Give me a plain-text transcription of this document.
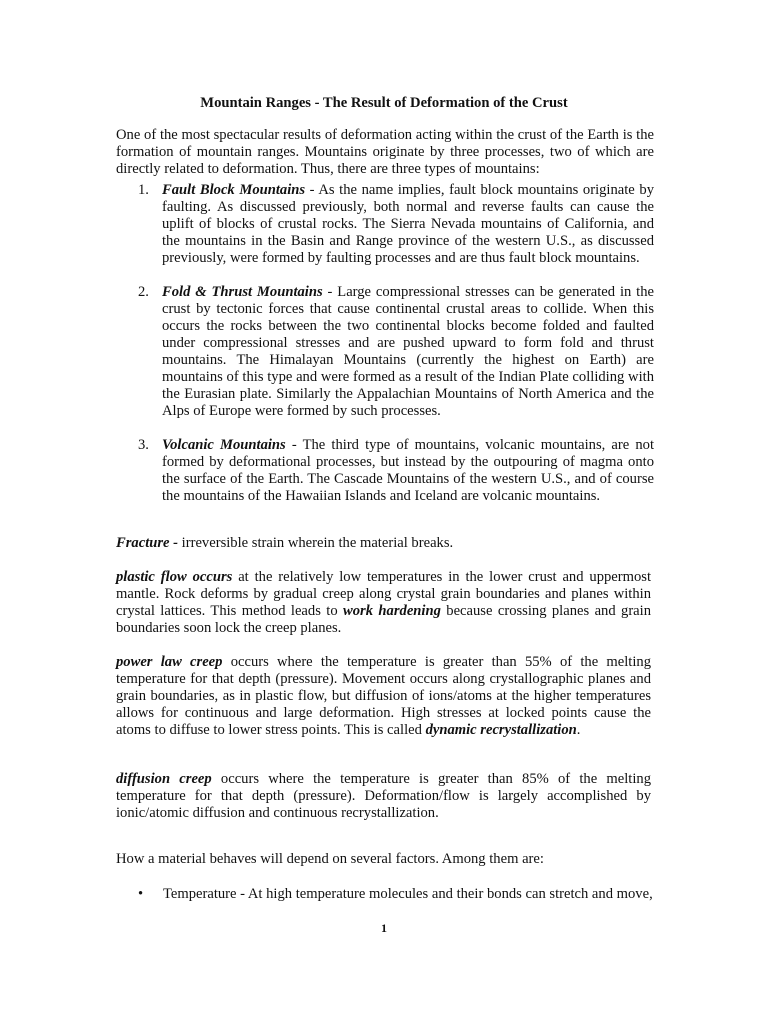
Mountain Ranges - The Result of Deformation of the Crust

One of the most spectacular results of deformation acting within the crust of the Earth is the formation of mountain ranges. Mountains originate by three processes, two of which are directly related to deformation. Thus, there are three types of mountains:

1. Fault Block Mountains - As the name implies, fault block mountains originate by faulting. As discussed previously, both normal and reverse faults can cause the uplift of blocks of crustal rocks. The Sierra Nevada mountains of California, and the mountains in the Basin and Range province of the western U.S., as discussed previously, were formed by faulting processes and are thus fault block mountains.
2. Fold & Thrust Mountains - Large compressional stresses can be generated in the crust by tectonic forces that cause continental crustal areas to collide. When this occurs the rocks between the two continental blocks become folded and faulted under compressional stresses and are pushed upward to form fold and thrust mountains. The Himalayan Mountains (currently the highest on Earth) are mountains of this type and were formed as a result of the Indian Plate colliding with the Eurasian plate. Similarly the Appalachian Mountains of North America and the Alps of Europe were formed by such processes.
3. Volcanic Mountains - The third type of mountains, volcanic mountains, are not formed by deformational processes, but instead by the outpouring of magma onto the surface of the Earth. The Cascade Mountains of the western U.S., and of course the mountains of the Hawaiian Islands and Iceland are volcanic mountains.

Fracture - irreversible strain wherein the material breaks.

plastic flow occurs at the relatively low temperatures in the lower crust and uppermost mantle. Rock deforms by gradual creep along crystal grain boundaries and planes within crystal lattices. This method leads to work hardening because crossing planes and grain boundaries soon lock the creep planes.

power law creep occurs where the temperature is greater than 55% of the melting temperature for that depth (pressure). Movement occurs along crystallographic planes and grain boundaries, as in plastic flow, but diffusion of ions/atoms at the higher temperatures allows for continuous and large deformation. High stresses at locked points cause the atoms to diffuse to lower stress points. This is called dynamic recrystallization.

diffusion creep occurs where the temperature is greater than 85% of the melting temperature for that depth (pressure). Deformation/flow is largely accomplished by ionic/atomic diffusion and continuous recrystallization.

How a material behaves will depend on several factors. Among them are:

• Temperature - At high temperature molecules and their bonds can stretch and move,

1
